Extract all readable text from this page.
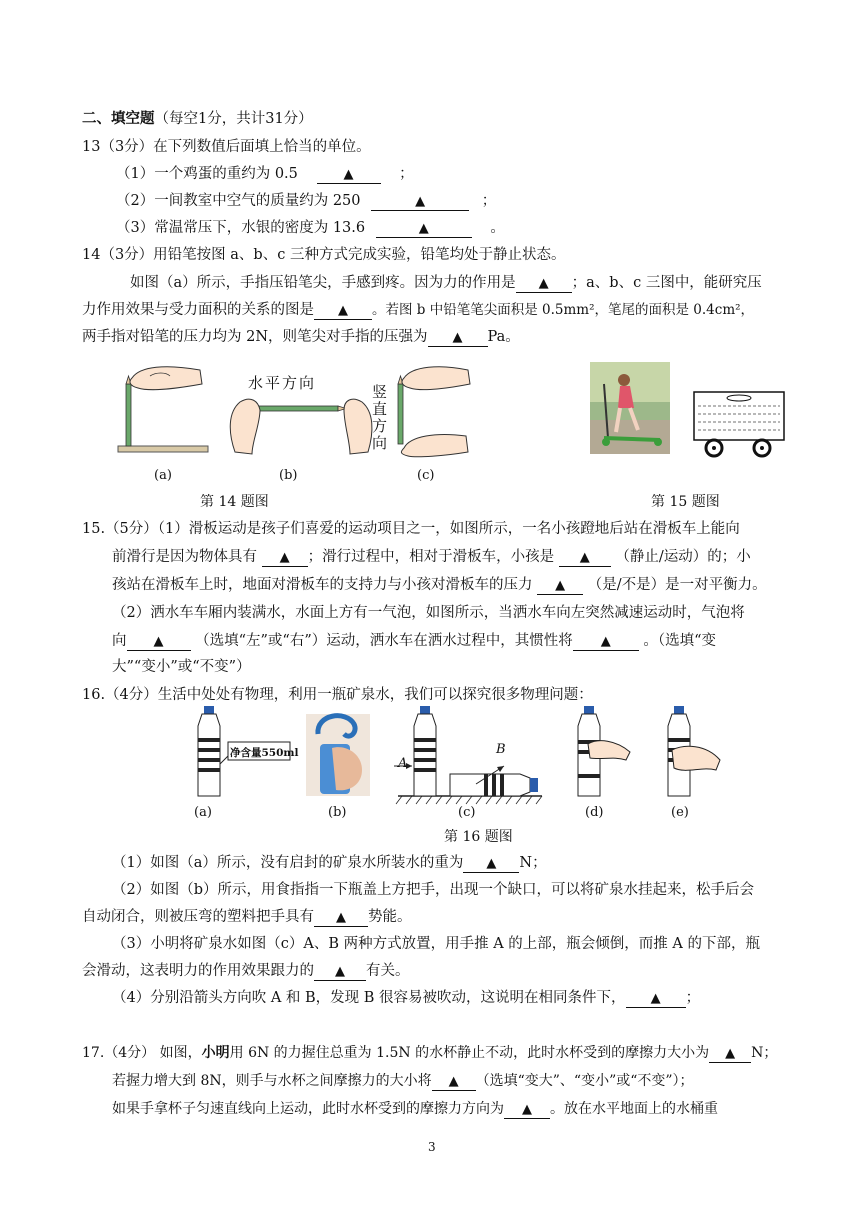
二、填空题（每空1分，共计31分）
13（3分）在下列数值后面填上恰当的单位。
（1）一个鸡蛋的重约为 0.5	▲	；
（2）一间教室中空气的质量约为 250	▲	；
（3）常温常压下，水银的密度为 13.6	▲	。
14（3分）用铅笔按图 a、b、c 三种方式完成实验，铅笔均处于静止状态。
如图（a）所示，手指压铅笔尖，手感到疼。因为力的作用是 ▲ ；a、b、c 三图中，能研究压
力作用效果与受力面积的关系的图是 ▲ 。若图 b 中铅笔笔尖面积是 0.5mm²，笔尾的面积是 0.4cm²，
两手指对铅笔的压力均为 2N，则笔尖对手指的压强为 ▲ Pa。
水平方向	竖
直
方
向
(a)	(b)	(c)
第 14 题图	第 15 题图
15.（5分）（1）滑板运动是孩子们喜爱的运动项目之一，如图所示，一名小孩蹬地后站在滑板车上能向
前滑行是因为物体具有 ▲ ；滑行过程中，相对于滑板车，小孩是 ▲ （静止/运动）的；小
孩站在滑板车上时，地面对滑板车的支持力与小孩对滑板车的压力 ▲ （是/不是）是一对平衡力。
（2）洒水车车厢内装满水，水面上方有一气泡，如图所示，当洒水车向左突然减速运动时，气泡将
向 ▲ （选填“左”或“右”）运动，洒水车在洒水过程中，其惯性将 ▲ 。（选填“变
大”“变小”或“不变”）
16.（4分）生活中处处有物理，利用一瓶矿泉水，我们可以探究很多物理问题：
净含量550ml
A
B
(a)	(b)	(c)	(d)	(e)
第 16 题图
（1）如图（a）所示，没有启封的矿泉水所装水的重为 ▲ N；
（2）如图（b）所示，用食指指一下瓶盖上方把手，出现一个缺口，可以将矿泉水挂起来，松手后会
自动闭合，则被压弯的塑料把手具有 ▲ 势能。
（3）小明将矿泉水如图（c）A、B 两种方式放置，用手推 A 的上部，瓶会倾倒，而推 A 的下部，瓶
会滑动，这表明力的作用效果跟力的 ▲ 有关。
（4）分别沿箭头方向吹 A 和 B，发现 B 很容易被吹动，这说明在相同条件下， ▲ ；
17.（4分） 如图，小明用 6N 的力握住总重为 1.5N 的水杯静止不动，此时水杯受到的摩擦力大小为 ▲ N；
若握力增大到 8N，则手与水杯之间摩擦力的大小将 ▲ （选填“变大”、“变小”或“不变”）；
如果手拿杯子匀速直线向上运动，此时水杯受到的摩擦力方向为 ▲ 。放在水平地面上的水桶重
3
